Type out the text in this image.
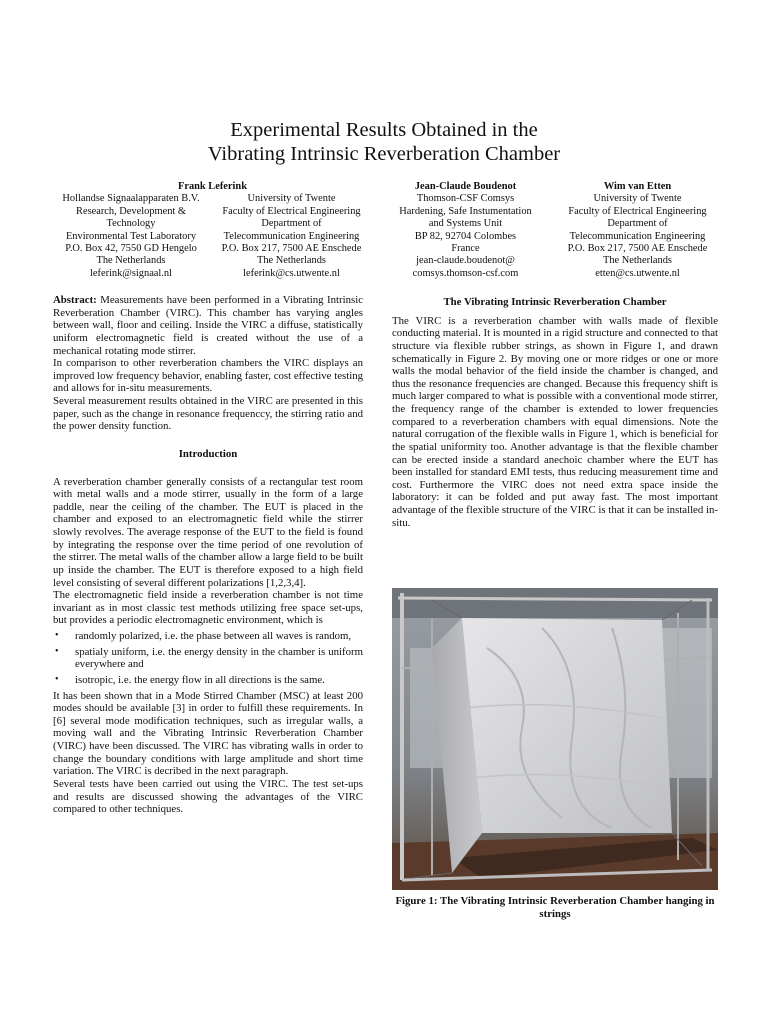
Experimental Results Obtained in the
Vibrating Intrinsic Reverberation Chamber
Frank Leferink
Hollandse Signaalapparaten B.V.
Research, Development &
Technology
Environmental Test Laboratory
P.O. Box 42, 7550 GD Hengelo
The Netherlands
leferink@signaal.nl
University of Twente
Faculty of Electrical Engineering
Department of
Telecommunication Engineering
P.O. Box 217, 7500 AE Enschede
The Netherlands
leferink@cs.utwente.nl
Jean-Claude Boudenot
Thomson-CSF Comsys
Hardening, Safe Instumentation
and Systems Unit
BP 82, 92704 Colombes
France
jean-claude.boudenot@
comsys.thomson-csf.com
Wim van Etten
University of Twente
Faculty of Electrical Engineering
Department of
Telecommunication Engineering
P.O. Box 217, 7500 AE Enschede
The Netherlands
etten@cs.utwente.nl

Abstract: Measurements have been performed in a Vibrating Intrinsic Reverberation Chamber (VIRC). This chamber has varying angles between wall, floor and ceiling. Inside the VIRC a diffuse, statistically uniform electromagnetic field is created without the use of a mechanical rotating mode stirrer.

In comparison to other reverberation chambers the VIRC displays an improved low frequency behavior, enabling faster, cost effective testing and allows for in-situ measurements.

Several measurement results obtained in the VIRC are presented in this paper, such as the change in resonance frequenccy, the stirring ratio and the power density function.

Introduction

A reverberation chamber generally consists of a rectangular test room with metal walls and a mode stirrer, usually in the form of a large paddle, near the ceiling of the chamber. The EUT is placed in the chamber and exposed to an electromagnetic field while the stirrer slowly revolves. The average response of the EUT to the field is found by integrating the response over the time period of one revolution of the stirrer. The metal walls of the chamber allow a large field to be built up inside the chamber. The EUT is therefore exposed to a high field level consisting of several different polarizations [1,2,3,4].

The electromagnetic field inside a reverberation chamber is not time invariant as in most classic test methods utilizing free space set-ups, but provides a periodic electromagnetic environment, which is

• randomly polarized, i.e. the phase between all waves is random,
• spatialy uniform, i.e. the energy density in the chamber is uniform everywhere and
• isotropic, i.e. the energy flow in all directions is the same.

It has been shown that in a Mode Stirred Chamber (MSC) at least 200 modes should be available [3] in order to fulfill these requirements. In [6] several mode modification techniques, such as irregular walls, a moving wall and the Vibrating Intrinsic Reverberation Chamber (VIRC) have been discussed. The VIRC has vibrating walls in order to change the boundary conditions with large amplitude and short time variation. The VIRC is decribed in the next paragraph.

Several tests have been carried out using the VIRC. The test set-ups and results are discussed showing the advantages of the VIRC compared to other techniques.

The Vibrating Intrinsic Reverberation Chamber

The VIRC is a reverberation chamber with walls made of flexible conducting material. It is mounted in a rigid structure and connected to that structure via flexible rubber strings, as shown in Figure 1, and drawn schematically in Figure 2. By moving one or more ridges or one or more walls the modal behavior of the field inside the chamber is changed, and thus the resonance frequencies are changed. Because this frequency shift is much larger compared to what is possible with a conventional mode stirrer, the frequency range of the chamber is extended to lower frequencies compared to a reverberation chambers with equal dimensions. Note the natural corrugation of the flexible walls in Figure 1, which is beneficial for the spatial uniformity too. Another advantage is that the flexible chamber can be erected inside a standard anechoic chamber where the EUT has been installed for standard EMI tests, thus reducing measurement time and cost. Furthermore the VIRC does not need extra space inside the laboratory: it can be folded and put away fast. The most important advantage of the flexible structure of the VIRC is that it can be installed in-situ.

Figure 1: The Vibrating Intrinsic Reverberation Chamber hanging in strings
